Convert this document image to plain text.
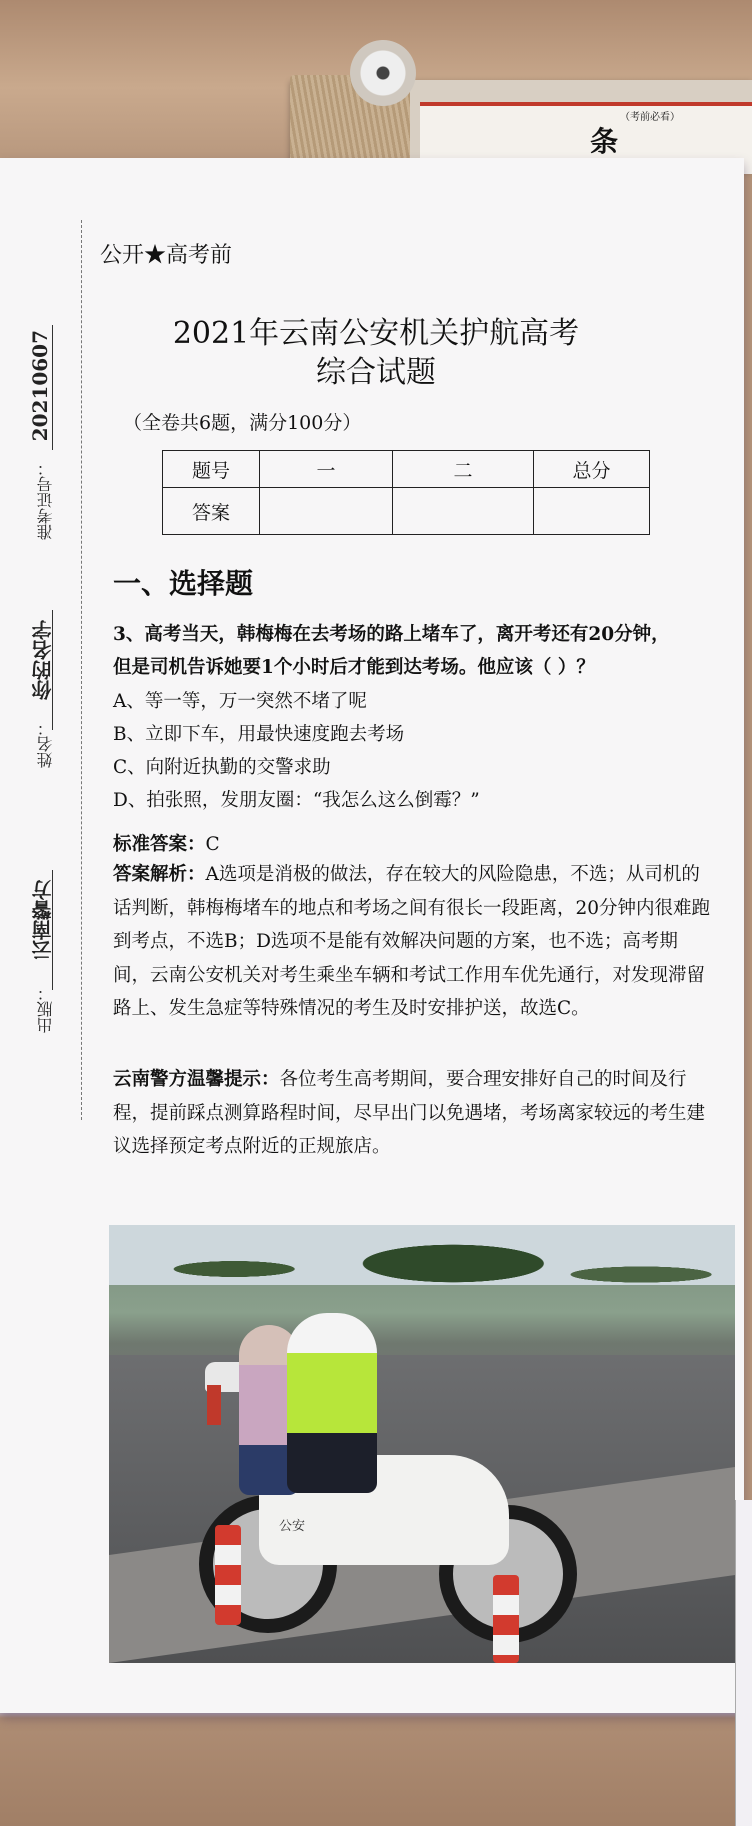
（考前必看）
条
20210607
准考证号：
你的名字
姓名：
云南警方
出版：
公开★高考前
2021年云南公安机关护航高考
综合试题
（全卷共6题，满分100分）
题号	一	二	总分
答案			
一、选择题
3、高考当天，韩梅梅在去考场的路上堵车了，离开考还有20分钟，
但是司机告诉她要1个小时后才能到达考场。他应该（ ）？
A、等一等，万一突然不堵了呢
B、立即下车，用最快速度跑去考场
C、向附近执勤的交警求助
D、拍张照，发朋友圈：“我怎么这么倒霉？”
标准答案：C
答案解析：A选项是消极的做法，存在较大的风险隐患，不选；从司机的话判断，韩梅梅堵车的地点和考场之间有很长一段距离，20分钟内很难跑到考点，不选B；D选项不是能有效解决问题的方案，也不选；高考期间，云南公安机关对考生乘坐车辆和考试工作用车优先通行，对发现滞留路上、发生急症等特殊情况的考生及时安排护送，故选C。
云南警方温馨提示：各位考生高考期间，要合理安排好自己的时间及行程，提前踩点测算路程时间，尽早出门以免遇堵，考场离家较远的考生建议选择预定考点附近的正规旅店。
公安
